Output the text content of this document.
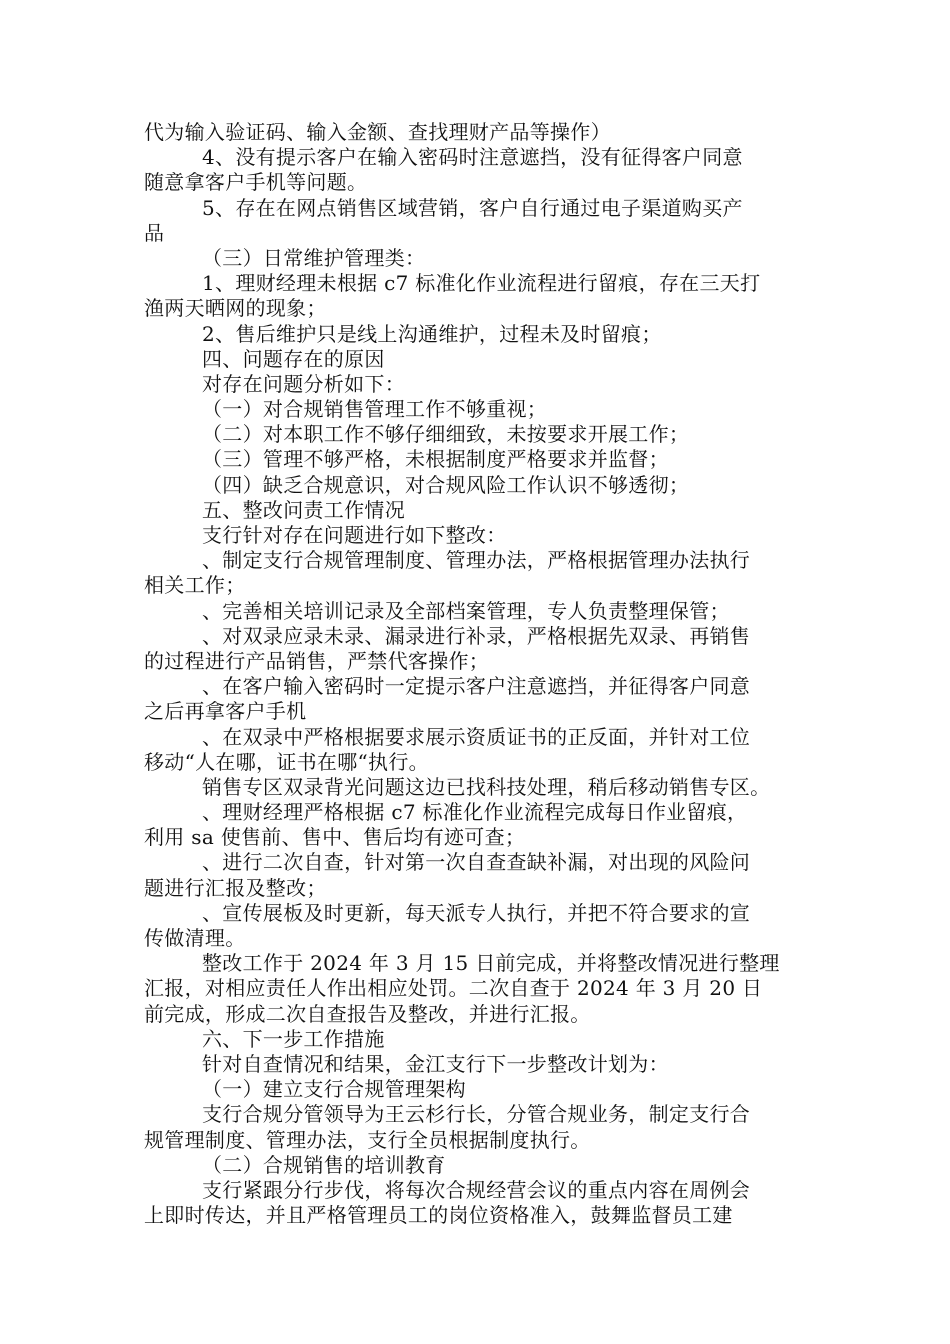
代为输入验证码、输入金额、查找理财产品等操作）
4、没有提示客户在输入密码时注意遮挡，没有征得客户同意
随意拿客户手机等问题。
5、存在在网点销售区域营销，客户自行通过电子渠道购买产
品
（三）日常维护管理类：
1、理财经理未根据 c7 标准化作业流程进行留痕，存在三天打
渔两天晒网的现象；
2、售后维护只是线上沟通维护，过程未及时留痕；
四、问题存在的原因
对存在问题分析如下：
（一）对合规销售管理工作不够重视；
（二）对本职工作不够仔细细致，未按要求开展工作；
（三）管理不够严格，未根据制度严格要求并监督；
（四）缺乏合规意识，对合规风险工作认识不够透彻；
五、整改问责工作情况
支行针对存在问题进行如下整改：
、制定支行合规管理制度、管理办法，严格根据管理办法执行
相关工作；
、完善相关培训记录及全部档案管理，专人负责整理保管；
、对双录应录未录、漏录进行补录，严格根据先双录、再销售
的过程进行产品销售，严禁代客操作；
、在客户输入密码时一定提示客户注意遮挡，并征得客户同意
之后再拿客户手机
、在双录中严格根据要求展示资质证书的正反面，并针对工位
移动“人在哪，证书在哪“执行。
销售专区双录背光问题这边已找科技处理，稍后移动销售专区。
、理财经理严格根据 c7 标准化作业流程完成每日作业留痕，
利用 sa 使售前、售中、售后均有迹可查；
、进行二次自查，针对第一次自查查缺补漏，对出现的风险问
题进行汇报及整改；
、宣传展板及时更新，每天派专人执行，并把不符合要求的宣
传做清理。
整改工作于 2024 年 3 月 15 日前完成，并将整改情况进行整理
汇报，对相应责任人作出相应处罚。二次自查于 2024 年 3 月 20 日
前完成，形成二次自查报告及整改，并进行汇报。
六、下一步工作措施
针对自查情况和结果，金江支行下一步整改计划为：
（一）建立支行合规管理架构
支行合规分管领导为王云杉行长，分管合规业务，制定支行合
规管理制度、管理办法，支行全员根据制度执行。
（二）合规销售的培训教育
支行紧跟分行步伐，将每次合规经营会议的重点内容在周例会
上即时传达，并且严格管理员工的岗位资格准入，鼓舞监督员工建
